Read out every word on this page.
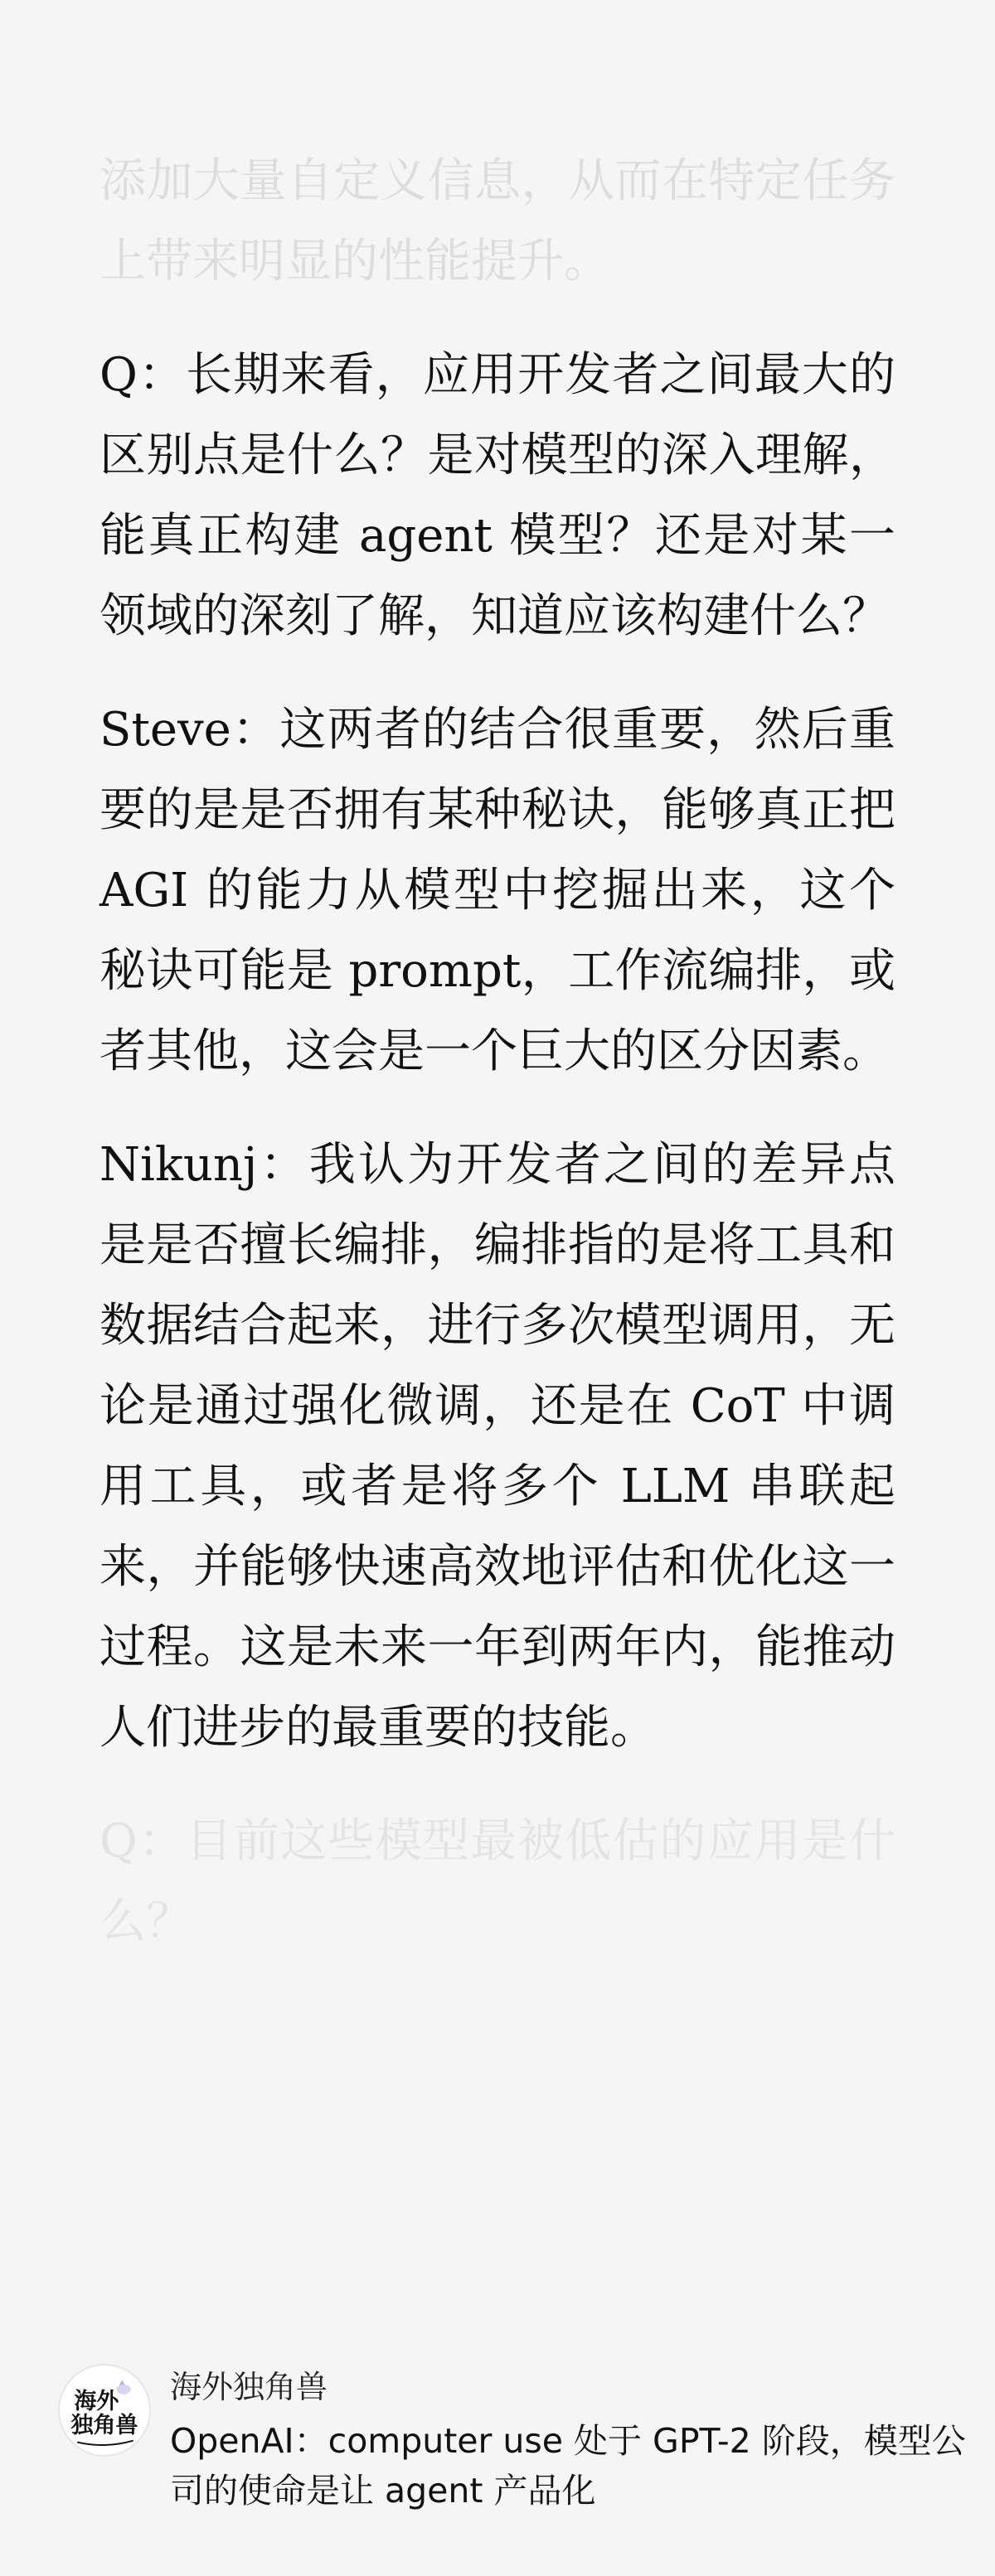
添加大量自定义信息，从而在特定任务上带来明显的性能提升。

Q：长期来看，应用开发者之间最大的区别点是什么？是对模型的深入理解，能真正构建 agent 模型？还是对某一领域的深刻了解，知道应该构建什么？

Steve：这两者的结合很重要，然后重要的是是否拥有某种秘诀，能够真正把 AGI 的能力从模型中挖掘出来，这个秘诀可能是 prompt，工作流编排，或者其他，这会是一个巨大的区分因素。

Nikunj：我认为开发者之间的差异点是是否擅长编排，编排指的是将工具和数据结合起来，进行多次模型调用，无论是通过强化微调，还是在 CoT 中调用工具，或者是将多个 LLM 串联起来，并能够快速高效地评估和优化这一过程。这是未来一年到两年内，能推动人们进步的最重要的技能。

Q：目前这些模型最被低估的应用是什么？

海 外
独 角 兽
海外独角兽
OpenAI：computer use 处于 GPT-2 阶段，模型公司的使命是让 agent 产品化
